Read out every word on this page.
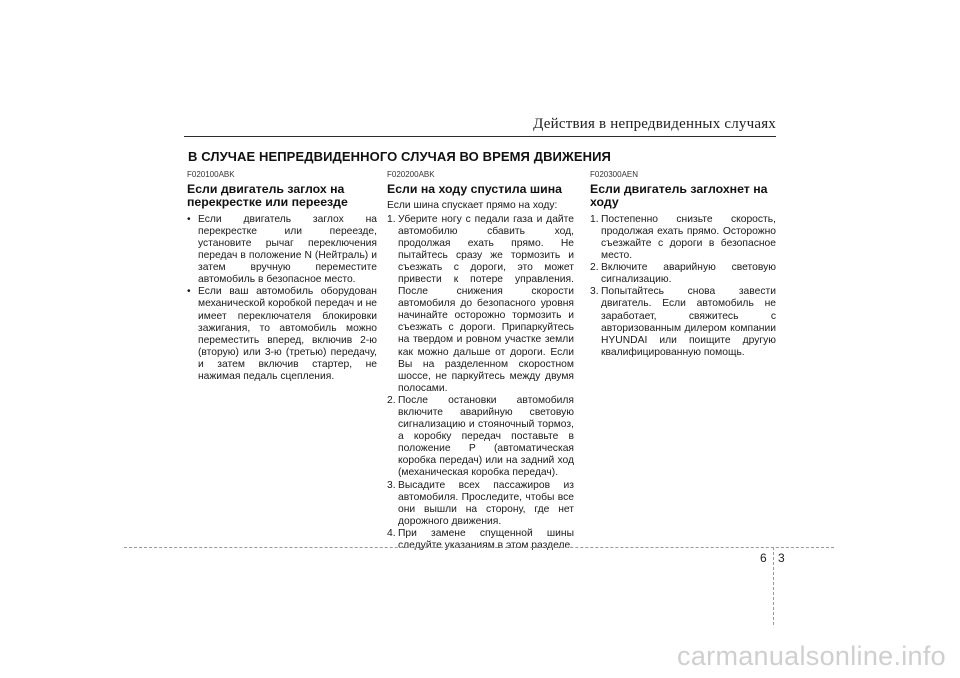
Действия в непредвиденных случаях
В СЛУЧАЕ НЕПРЕДВИДЕННОГО СЛУЧАЯ ВО ВРЕМЯ ДВИЖЕНИЯ
F020100ABK
Если двигатель заглох на перекрестке или переезде
• Если двигатель заглох на перекрестке или переезде, установите рычаг переключения передач в положение N (Нейтраль) и затем вручную переместите автомобиль в безопасное место.
• Если ваш автомобиль оборудован механической коробкой передач и не имеет переключателя блокировки зажигания, то автомобиль можно переместить вперед, включив 2-ю (вторую) или 3-ю (третью) передачу, и затем включив стартер, не нажимая педаль сцепления.
F020200ABK
Если на ходу спустила шина
Если шина спускает прямо на ходу:
1. Уберите ногу с педали газа и дайте автомобилю сбавить ход, продолжая ехать прямо. Не пытайтесь сразу же тормозить и съезжать с дороги, это может привести к потере управления. После снижения скорости автомобиля до безопасного уровня начинайте осторожно тормозить и съезжать с дороги. Припаркуйтесь на твердом и ровном участке земли как можно дальше от дороги. Если Вы на разделенном скоростном шоссе, не паркуйтесь между двумя полосами.
2. После остановки автомобиля включите аварийную световую сигнализацию и стояночный тормоз, а коробку передач поставьте в положение P (автоматическая коробка передач) или на задний ход (механическая коробка передач).
3. Высадите всех пассажиров из автомобиля. Проследите, чтобы все они вышли на сторону, где нет дорожного движения.
4. При замене спущенной шины следуйте указаниям в этом разделе.
F020300AEN
Если двигатель заглохнет на ходу
1. Постепенно снизьте скорость, продолжая ехать прямо. Осторожно съезжайте с дороги в безопасное место.
2. Включите аварийную световую сигнализацию.
3. Попытайтесь снова завести двигатель. Если автомобиль не заработает, свяжитесь с авторизованным дилером компании HYUNDAI или поищите другую квалифицированную помощь.
6 3
carmanualsonline.info
